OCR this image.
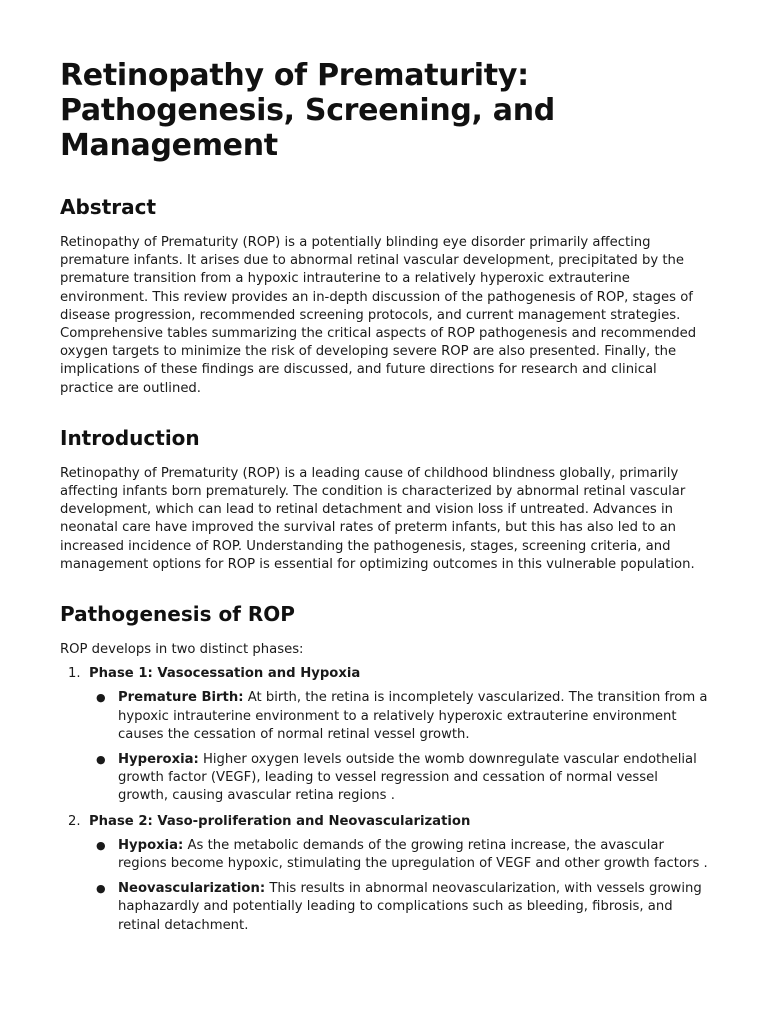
Retinopathy of Prematurity: Pathogenesis, Screening, and Management
Abstract

Retinopathy of Prematurity (ROP) is a potentially blinding eye disorder primarily affecting premature infants. It arises due to abnormal retinal vascular development, precipitated by the premature transition from a hypoxic intrauterine to a relatively hyperoxic extrauterine environment. This review provides an in-depth discussion of the pathogenesis of ROP, stages of disease progression, recommended screening protocols, and current management strategies. Comprehensive tables summarizing the critical aspects of ROP pathogenesis and recommended oxygen targets to minimize the risk of developing severe ROP are also presented. Finally, the implications of these findings are discussed, and future directions for research and clinical practice are outlined.

Introduction

Retinopathy of Prematurity (ROP) is a leading cause of childhood blindness globally, primarily affecting infants born prematurely. The condition is characterized by abnormal retinal vascular development, which can lead to retinal detachment and vision loss if untreated. Advances in neonatal care have improved the survival rates of preterm infants, but this has also led to an increased incidence of ROP. Understanding the pathogenesis, stages, screening criteria, and management options for ROP is essential for optimizing outcomes in this vulnerable population.

Pathogenesis of ROP

ROP develops in two distinct phases:

1. Phase 1: Vasocessation and Hypoxia
● Premature Birth: At birth, the retina is incompletely vascularized. The transition from a hypoxic intrauterine environment to a relatively hyperoxic extrauterine environment causes the cessation of normal retinal vessel growth.
● Hyperoxia: Higher oxygen levels outside the womb downregulate vascular endothelial growth factor (VEGF), leading to vessel regression and cessation of normal vessel growth, causing avascular retina regions .
2. Phase 2: Vaso-proliferation and Neovascularization
● Hypoxia: As the metabolic demands of the growing retina increase, the avascular regions become hypoxic, stimulating the upregulation of VEGF and other growth factors .
● Neovascularization: This results in abnormal neovascularization, with vessels growing haphazardly and potentially leading to complications such as bleeding, fibrosis, and retinal detachment.
